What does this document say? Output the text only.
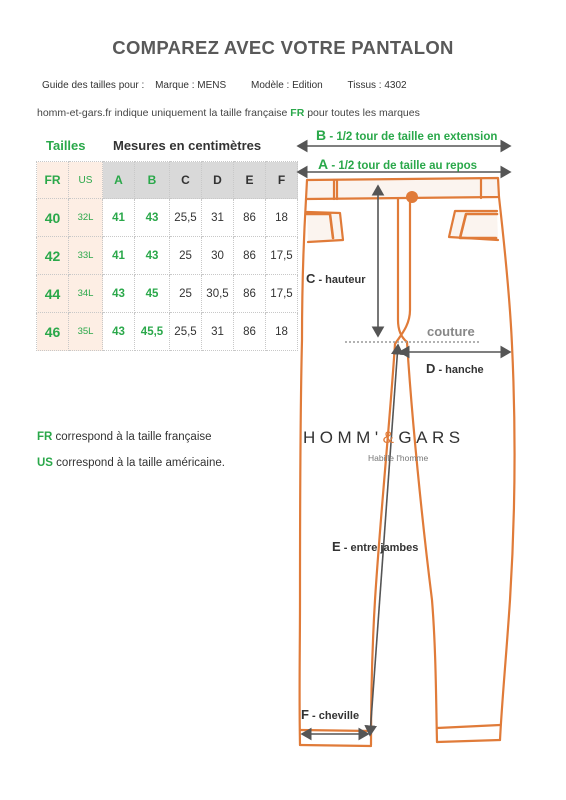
COMPAREZ AVEC VOTRE PANTALON
Guide des tailles pour : Marque : MENS Modèle : Edition Tissus : 4302
homm-et-gars.fr indique uniquement la taille française FR pour toutes les marques
Tailles Mesures en centimètres
FR	US	A	B	C	D	E	F
40	32L	41	43	25,5	31	86	18
42	33L	41	43	25	30	86	17,5
44	34L	43	45	25	30,5	86	17,5
46	35L	43	45,5	25,5	31	86	18
FR correspond à la taille française
US correspond à la taille américaine.
B - 1/2 tour de taille en extension
A - 1/2 tour de taille au repos
C - hauteur
couture
D - hanche
E - entre jambes
F - cheville
HOMM'&GARS
Habille l'homme
